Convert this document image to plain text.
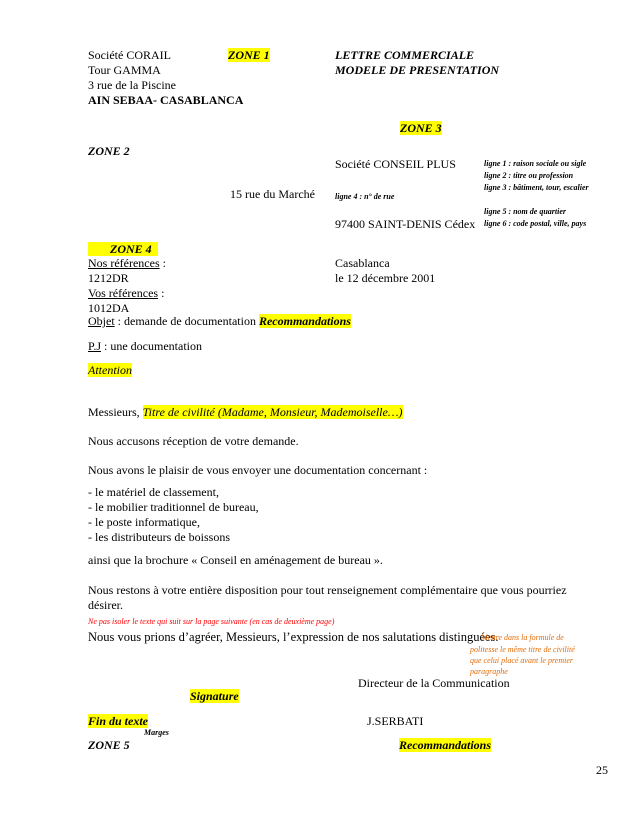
Société CORAIL
Tour GAMMA
3 rue de la Piscine
AIN SEBAA- CASABLANCA
ZONE 1	LETTRE COMMERCIALE
MODELE DE PRESENTATION
ZONE 3
ZONE 2
Société CONSEIL PLUS
15 rue du Marché
97400 SAINT-DENIS Cédex
ligne 1 : raison sociale ou sigle
ligne 2 : titre ou profession
ligne 3 : bâtiment, tour, escalier
ligne 4 : n° de rue
ligne 5 : nom de quartier
ligne 6 : code postal, ville, pays
ZONE 4
Nos références :
1212DR
Vos références :
1012DA
Casablanca
le 12 décembre 2001
Objet : demande de documentation Recommandations
P.J : une documentation
Attention
Messieurs, Titre de civilité (Madame, Monsieur, Mademoiselle…)
Nous accusons réception de votre demande.
Nous avons le plaisir de vous envoyer une documentation concernant :
- le matériel de classement,
- le mobilier traditionnel de bureau,
- le poste informatique,
- les distributeurs de boissons
ainsi que la brochure « Conseil en aménagement de bureau ».
Nous restons à votre entière disposition pour tout renseignement complémentaire que vous pourriez
désirer.
Ne pas isoler le texte qui suit sur la page suivante (en cas de deuxième page)
Nous vous prions d’agréer, Messieurs, l’expression de nos salutations distinguées.
Mettre dans la formule de
politesse le même titre de civilité
que celui placé avant le premier
paragraphe
Directeur de la Communication
Signature
Fin du texte	J.SERBATI
Marges
ZONE 5	Recommandations
25
